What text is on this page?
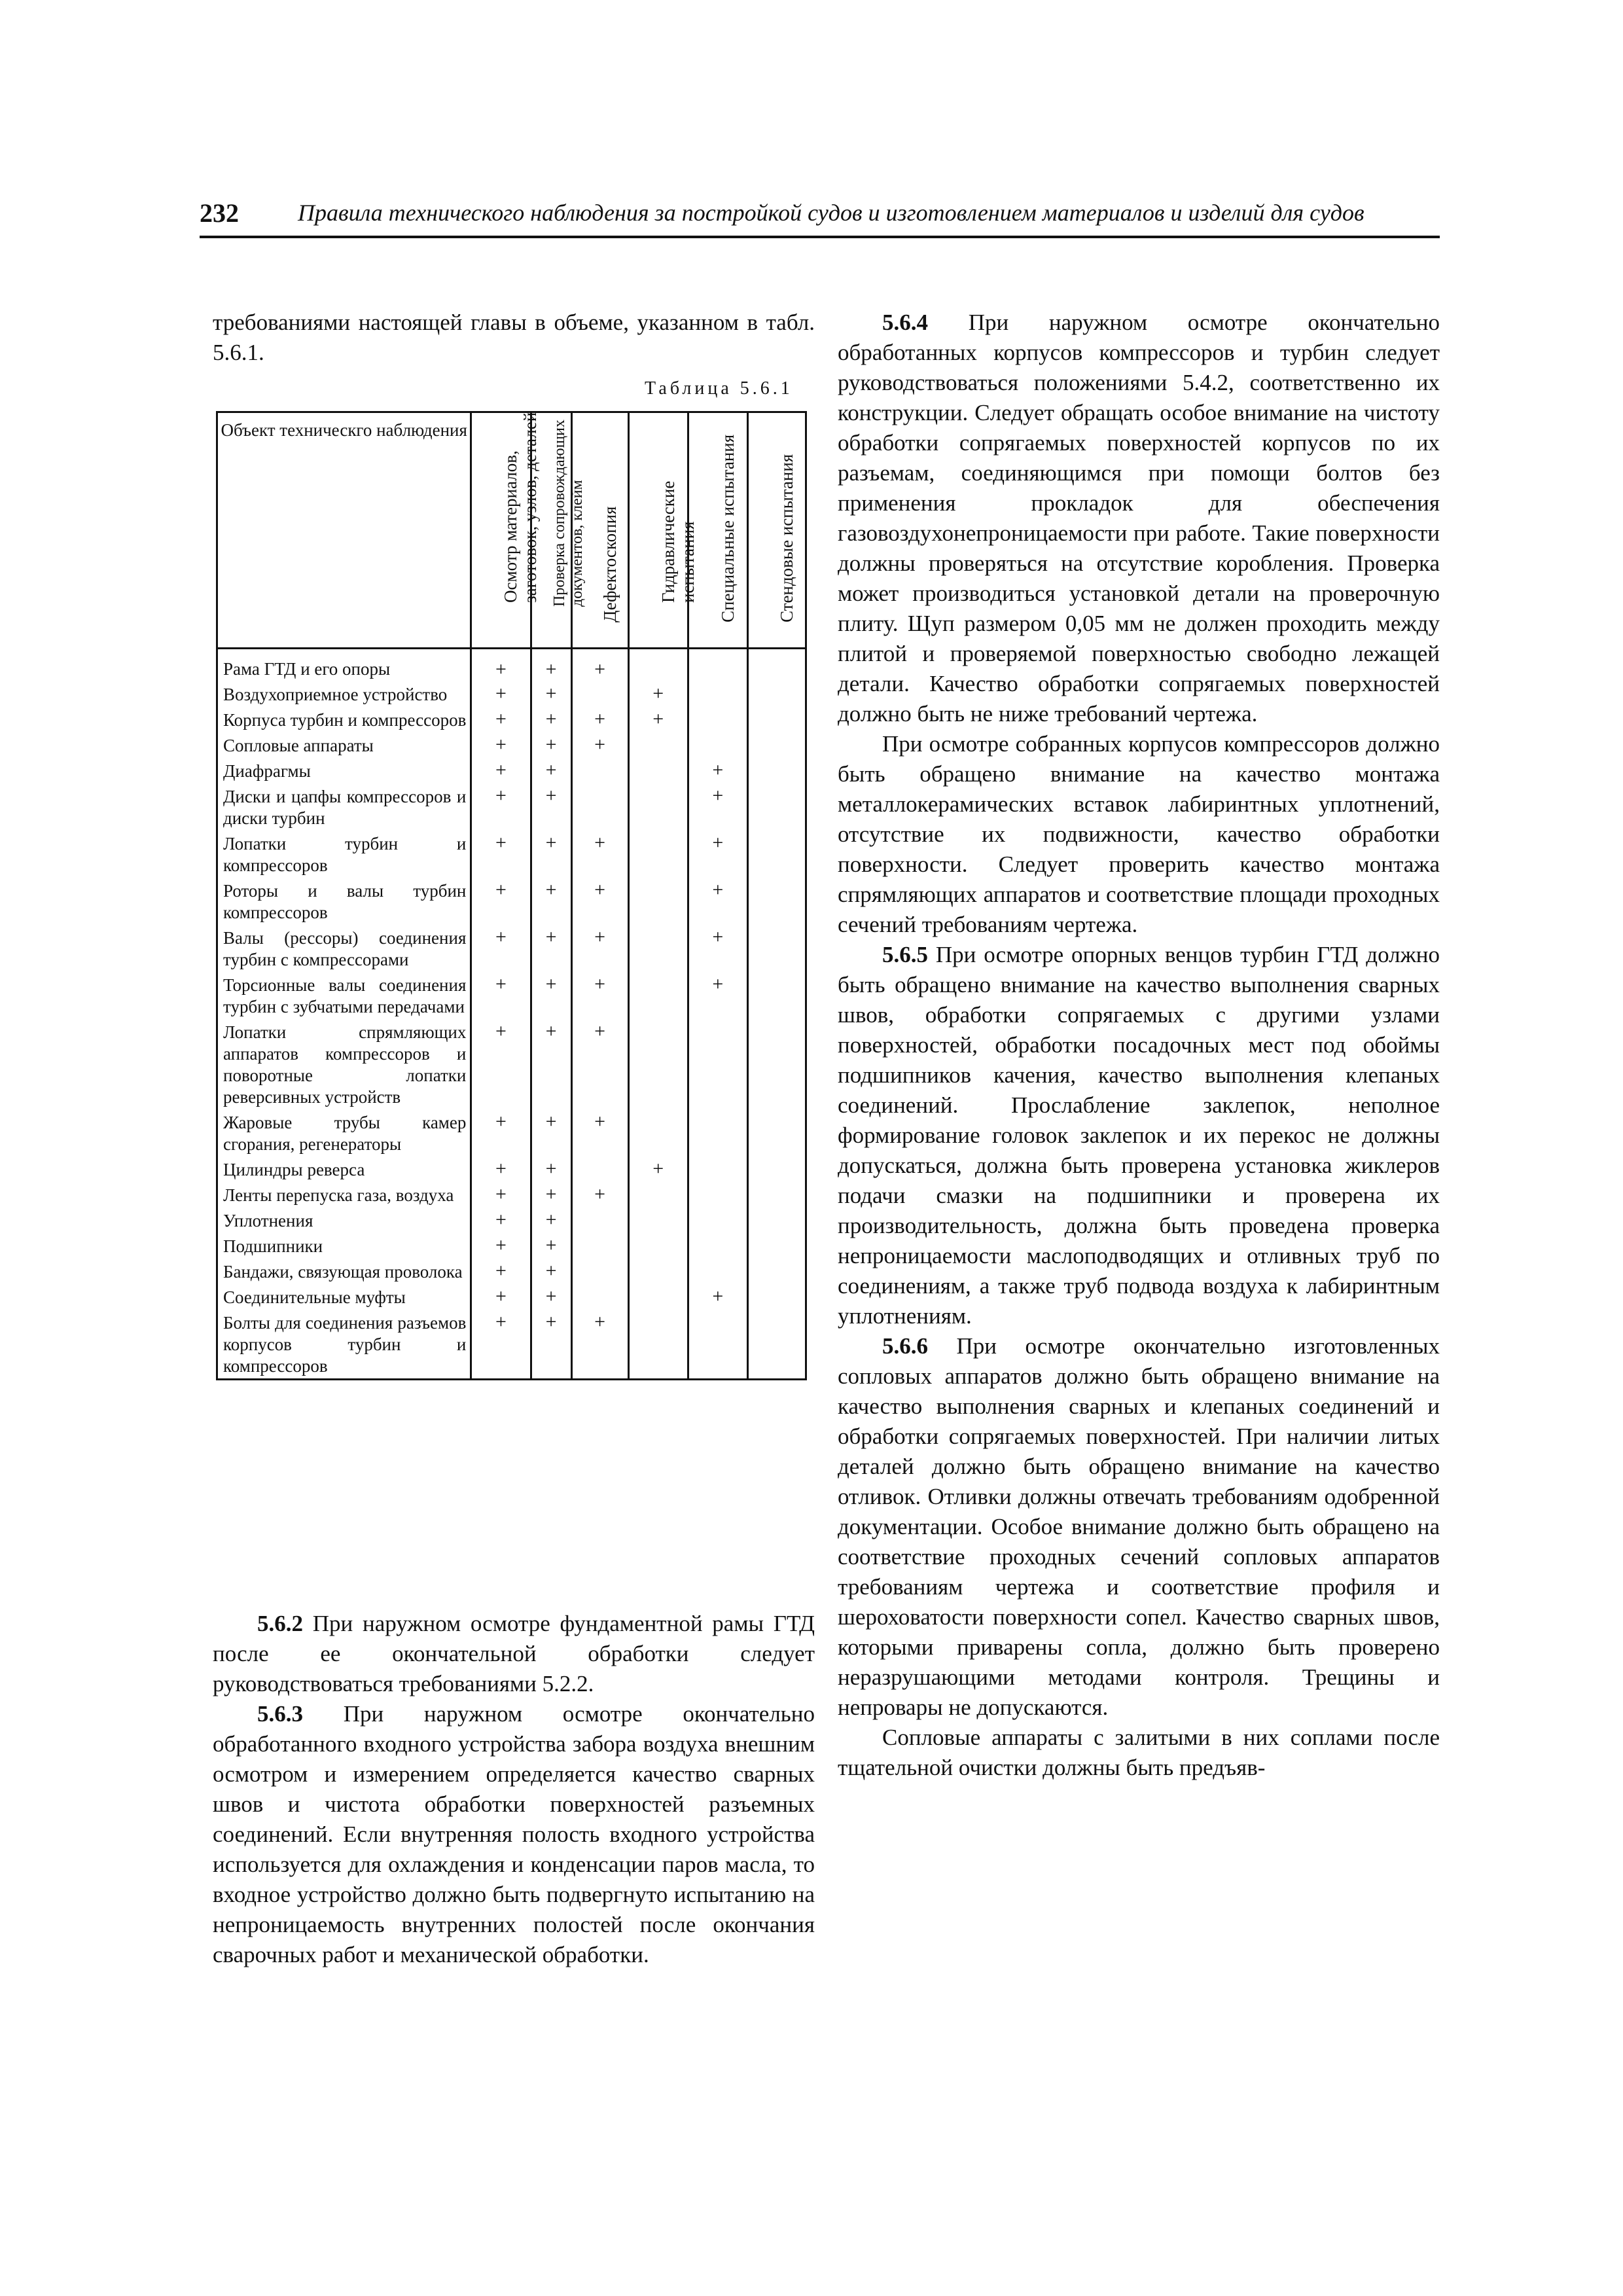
232	Правила технического наблюдения за постройкой судов и изготовлением материалов и изделий для судов

требованиями настоящей главы в объеме, указанном в табл. 5.6.1.

Таблица 5.6.1
Объект техническго наблюдения	Осмотр материалов, заготовок, узлов, деталей	Проверка сопровождающих документов, клейм	Дефектоскопия	Гидравлические испытания	Специальные испытания	Стендовые испытания

Рама ГТД и его опоры	+	+	+			
Воздухоприемное устройство	+	+		+		
Корпуса турбин и компрессоров	+	+	+	+		
Сопловые аппараты	+	+	+			
Диафрагмы	+	+			+	
Диски и цапфы компрессоров и диски турбин	+	+			+	
Лопатки турбин и компрессоров	+	+	+		+	
Роторы и валы турбин компрессоров	+	+	+		+	
Валы (рессоры) соединения турбин с компрессорами	+	+	+		+	
Торсионные валы соединения турбин с зубчатыми передачами	+	+	+		+	
Лопатки спрямляющих аппаратов компрессоров и поворотные лопатки реверсивных устройств	+	+	+			
Жаровые трубы камер сгорания, регенераторы	+	+	+			
Цилиндры реверса	+	+		+		
Ленты перепуска газа, воздуха	+	+	+			
Уплотнения	+	+				
Подшипники	+	+				
Бандажи, связующая проволока	+	+				
Соединительные муфты	+	+			+	
Болты для соединения разъемов корпусов турбин и компрессоров	+	+	+			

5.6.2 При наружном осмотре фундаментной рамы ГТД после ее окончательной обработки следует руководствоваться требованиями 5.2.2.

5.6.3 При наружном осмотре окончательно обработанного входного устройства забора воздуха внешним осмотром и измерением определяется качество сварных швов и чистота обработки поверхностей разъемных соединений. Если внутренняя полость входного устройства используется для охлаждения и конденсации паров масла, то входное устройство должно быть подвергнуто испытанию на непроницаемость внутренних полостей после окончания сварочных работ и механической обработки.

5.6.4 При наружном осмотре окончательно обработанных корпусов компрессоров и турбин следует руководствоваться положениями 5.4.2, соответственно их конструкции. Следует обращать особое внимание на чистоту обработки сопрягаемых поверхностей корпусов по их разъемам, соединяющимся при помощи болтов без применения прокладок для обеспечения газовоздухонепроницаемости при работе. Такие поверхности должны проверяться на отсутствие коробления. Проверка может производиться установкой детали на проверочную плиту. Щуп размером 0,05 мм не должен проходить между плитой и проверяемой поверхностью свободно лежащей детали. Качество обработки сопрягаемых поверхностей должно быть не ниже требований чертежа.

При осмотре собранных корпусов компрессоров должно быть обращено внимание на качество монтажа металлокерамических вставок лабиринтных уплотнений, отсутствие их подвижности, качество обработки поверхности. Следует проверить качество монтажа спрямляющих аппаратов и соответствие площади проходных сечений требованиям чертежа.

5.6.5 При осмотре опорных венцов турбин ГТД должно быть обращено внимание на качество выполнения сварных швов, обработки сопрягаемых с другими узлами поверхностей, обработки посадочных мест под обоймы подшипников качения, качество выполнения клепаных соединений. Прослабление заклепок, неполное формирование головок заклепок и их перекос не должны допускаться, должна быть проверена установка жиклеров подачи смазки на подшипники и проверена их производительность, должна быть проведена проверка непроницаемости маслоподводящих и отливных труб по соединениям, а также труб подвода воздуха к лабиринтным уплотнениям.

5.6.6 При осмотре окончательно изготовленных сопловых аппаратов должно быть обращено внимание на качество выполнения сварных и клепаных соединений и обработки сопрягаемых поверхностей. При наличии литых деталей должно быть обращено внимание на качество отливок. Отливки должны отвечать требованиям одобренной документации. Особое внимание должно быть обращено на соответствие проходных сечений сопловых аппаратов требованиям чертежа и соответствие профиля и шероховатости поверхности сопел. Качество сварных швов, которыми приварены сопла, должно быть проверено неразрушающими методами контроля. Трещины и непровары не допускаются.

Сопловые аппараты с залитыми в них соплами после тщательной очистки должны быть предъяв-
